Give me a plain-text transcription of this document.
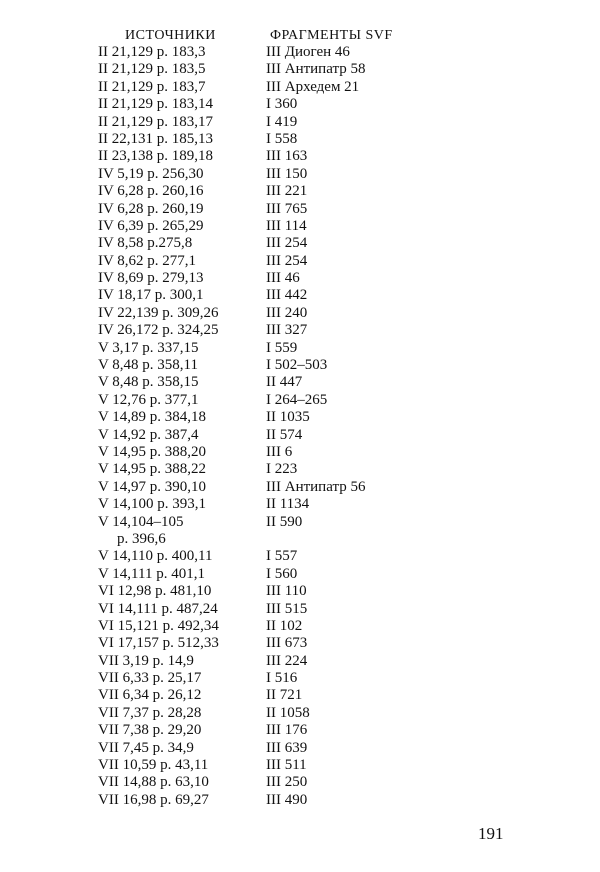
ИСТОЧНИКИ	ФРАГМЕНТЫ SVF
II 21,129 p. 183,3	III Диоген 46
II 21,129 p. 183,5	III Антипатр 58
II 21,129 p. 183,7	III Архедем 21
II 21,129 p. 183,14	I 360
II 21,129 p. 183,17	I 419
II 22,131 p. 185,13	I 558
II 23,138 p. 189,18	III 163
IV 5,19 p. 256,30	III 150
IV 6,28 p. 260,16	III 221
IV 6,28 p. 260,19	III 765
IV 6,39 p. 265,29	III 114
IV 8,58 p.275,8	III 254
IV 8,62 p. 277,1	III 254
IV 8,69 p. 279,13	III 46
IV 18,17 p. 300,1	III 442
IV 22,139 p. 309,26	III 240
IV 26,172 p. 324,25	III 327
V 3,17 p. 337,15	I 559
V 8,48 p. 358,11	I 502–503
V 8,48 p. 358,15	II 447
V 12,76 p. 377,1	I 264–265
V 14,89 p. 384,18	II 1035
V 14,92 p. 387,4	II 574
V 14,95 p. 388,20	III 6
V 14,95 p. 388,22	I 223
V 14,97 p. 390,10	III Антипатр 56
V 14,100 p. 393,1	II 1134
V 14,104–105	II 590
p. 396,6
V 14,110 p. 400,11	I 557
V 14,111 p. 401,1	I 560
VI 12,98 p. 481,10	III 110
VI 14,111 p. 487,24	III 515
VI 15,121 p. 492,34	II 102
VI 17,157 p. 512,33	III 673
VII 3,19 p. 14,9	III 224
VII 6,33 p. 25,17	I 516
VII 6,34 p. 26,12	II 721
VII 7,37 p. 28,28	II 1058
VII 7,38 p. 29,20	III 176
VII 7,45 p. 34,9	III 639
VII 10,59 p. 43,11	III 511
VII 14,88 p. 63,10	III 250
VII 16,98 p. 69,27	III 490
191
